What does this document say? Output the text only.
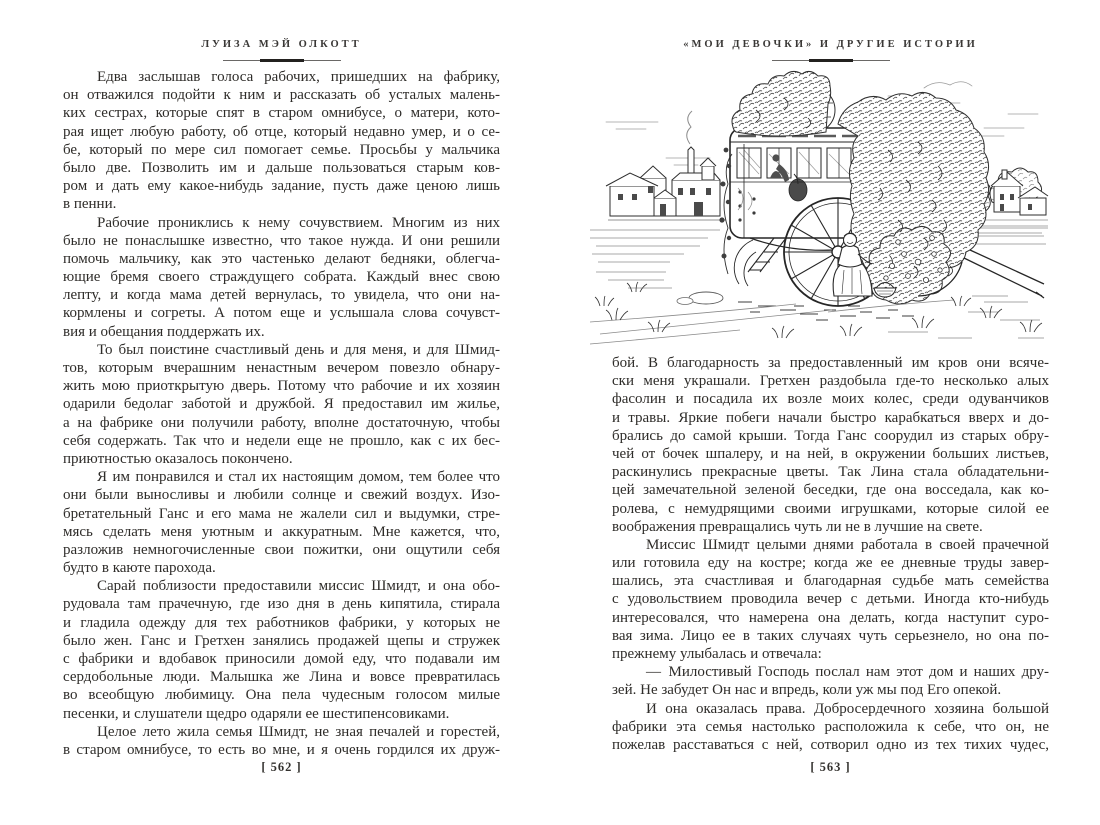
ЛУИЗА МЭЙ ОЛКОТТ
Едва заслышав голоса рабочих, пришедших на фабрику,
он отважился подойти к ним и рассказать об усталых малень-
ких сестрах, которые спят в старом омнибусе, о матери, кото-
рая ищет любую работу, об отце, который недавно умер, и о се-
бе, который по мере сил помогает семье. Просьбы у мальчика
было две. Позволить им и дальше пользоваться старым ков-
ром и дать ему какое-нибудь задание, пусть даже ценою лишь
в пенни.
Рабочие прониклись к нему сочувствием. Многим из них
было не понаслышке известно, что такое нужда. И они решили
помочь мальчику, как это частенько делают бедняки, облегча-
ющие бремя своего страждущего собрата. Каждый внес свою
лепту, и когда мама детей вернулась, то увидела, что они на-
кормлены и согреты. А потом еще и услышала слова сочувст-
вия и обещания поддержать их.
То был поистине счастливый день и для меня, и для Шмид-
тов, которым вчерашним ненастным вечером повезло обнару-
жить мою приоткрытую дверь. Потому что рабочие и их хозяин
одарили бедолаг заботой и дружбой. Я предоставил им жилье,
а на фабрике они получили работу, вполне достаточную, чтобы
себя содержать. Так что и недели еще не прошло, как с их бес-
приютностью оказалось покончено.
Я им понравился и стал их настоящим домом, тем более что
они были выносливы и любили солнце и свежий воздух. Изо-
бретательный Ганс и его мама не жалели сил и выдумки, стре-
мясь сделать меня уютным и аккуратным. Мне кажется, что,
разложив немногочисленные свои пожитки, они ощутили себя
будто в каюте парохода.
Сарай поблизости предоставили миссис Шмидт, и она обо-
рудовала там прачечную, где изо дня в день кипятила, стирала
и гладила одежду для тех работников фабрики, у которых не
было жен. Ганс и Гретхен занялись продажей щепы и стружек
с фабрики и вдобавок приносили домой еду, что подавали им
сердобольные люди. Малышка же Лина и вовсе превратилась
во всеобщую любимицу. Она пела чудесным голосом милые
песенки, и слушатели щедро одаряли ее шестипенсовиками.
Целое лето жила семья Шмидт, не зная печалей и горестей,
в старом омнибусе, то есть во мне, и я очень гордился их друж-
[ 562 ]
«МОИ ДЕВОЧКИ» И ДРУГИЕ ИСТОРИИ
бой. В благодарность за предоставленный им кров они всяче-
ски меня украшали. Гретхен раздобыла где-то несколько алых
фасолин и посадила их возле моих колес, среди одуванчиков
и травы. Яркие побеги начали быстро карабкаться вверх и до-
брались до самой крыши. Тогда Ганс соорудил из старых обру-
чей от бочек шпалеру, и на ней, в окружении больших листьев,
раскинулись прекрасные цветы. Так Лина стала обладательни-
цей замечательной зеленой беседки, где она восседала, как ко-
ролева, с немудрящими своими игрушками, которые силой ее
воображения превращались чуть ли не в лучшие на свете.
Миссис Шмидт целыми днями работала в своей прачечной
или готовила еду на костре; когда же ее дневные труды завер-
шались, эта счастливая и благодарная судьбе мать семейства
с удовольствием проводила вечер с детьми. Иногда кто-нибудь
интересовался, что намерена она делать, когда наступит суро-
вая зима. Лицо ее в таких случаях чуть серьезнело, но она по-
прежнему улыбалась и отвечала:
— Милостивый Господь послал нам этот дом и наших дру-
зей. Не забудет Он нас и впредь, коли уж мы под Его опекой.
И она оказалась права. Добросердечного хозяина большой
фабрики эта семья настолько расположила к себе, что он, не
пожелав расставаться с ней, сотворил одно из тех тихих чудес,
[ 563 ]
